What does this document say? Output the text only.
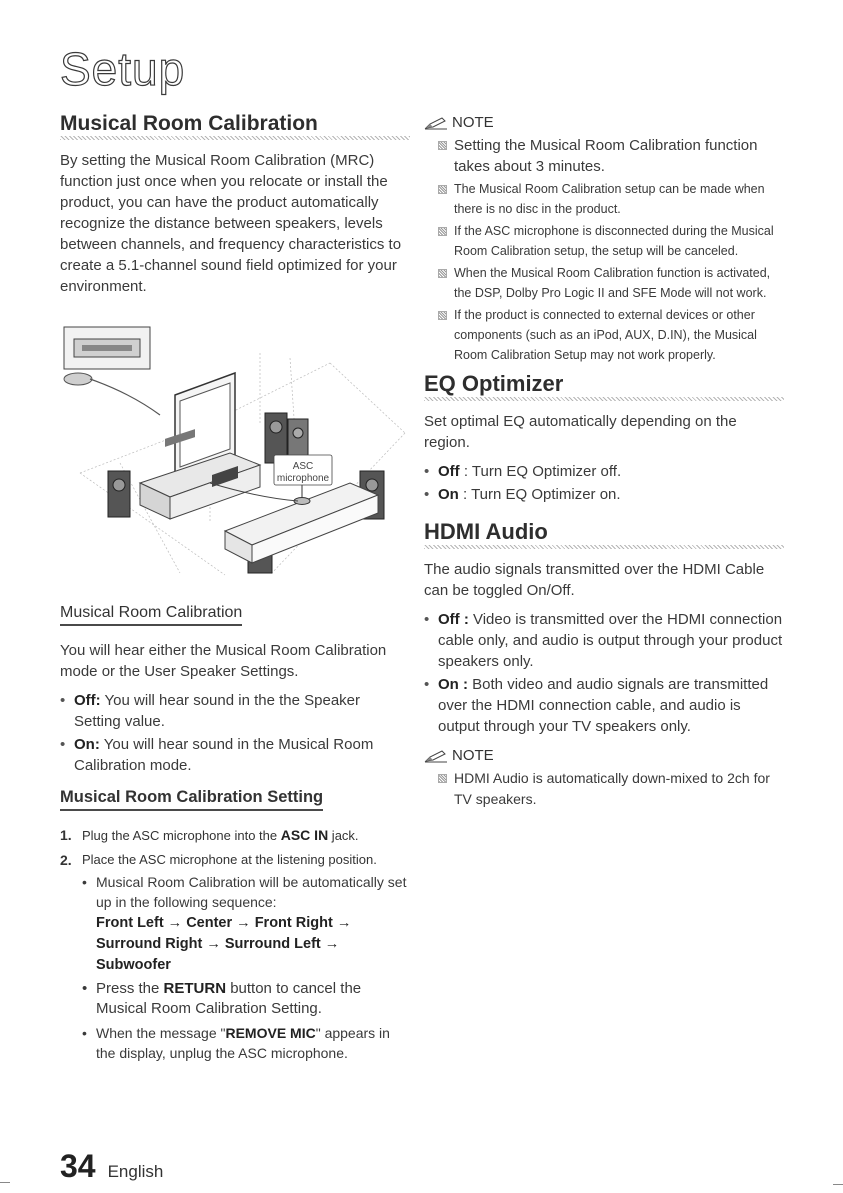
Setup
Musical Room Calibration

By setting the Musical Room Calibration (MRC) function just once when you relocate or install the product, you can have the product automatically recognize the distance between speakers, levels between channels, and frequency characteristics to create a 5.1-channel sound field optimized for your environment.

ASC
microphone
Musical Room Calibration

You will hear either the Musical Room Calibration mode or the User Speaker Settings.

• Off: You will hear sound in the the Speaker Setting value.
• On: You will hear sound in the Musical Room Calibration mode.
Musical Room Calibration Setting
1. Plug the ASC microphone into the ASC IN jack.
2. Place the ASC microphone at the listening position.
• Musical Room Calibration will be automatically set up in the following sequence:
Front Left → Center → Front Right → Surround Right → Surround Left → Subwoofer
• Press the RETURN button to cancel the Musical Room Calibration Setting.
• When the message "REMOVE MIC" appears in the display, unplug the ASC microphone.
NOTE
Setting the Musical Room Calibration function takes about 3 minutes.
The Musical Room Calibration setup can be made when there is no disc in the product.
If the ASC microphone is disconnected during the Musical Room Calibration setup, the setup will be canceled.
When the Musical Room Calibration function is activated, the DSP, Dolby Pro Logic II and SFE Mode will not work.
If the product is connected to external devices or other components (such as an iPod, AUX, D.IN), the Musical Room Calibration Setup may not work properly.
EQ Optimizer

Set optimal EQ automatically depending on the region.

• Off : Turn EQ Optimizer off.
• On : Turn EQ Optimizer on.
HDMI Audio

The audio signals transmitted over the HDMI Cable can be toggled On/Off.

• Off : Video is transmitted over the HDMI connection cable only, and audio is output through your product speakers only.
• On : Both video and audio signals are transmitted over the HDMI connection cable, and audio is output through your TV speakers only.
NOTE
HDMI Audio is automatically down-mixed to 2ch for TV speakers.
34 English
